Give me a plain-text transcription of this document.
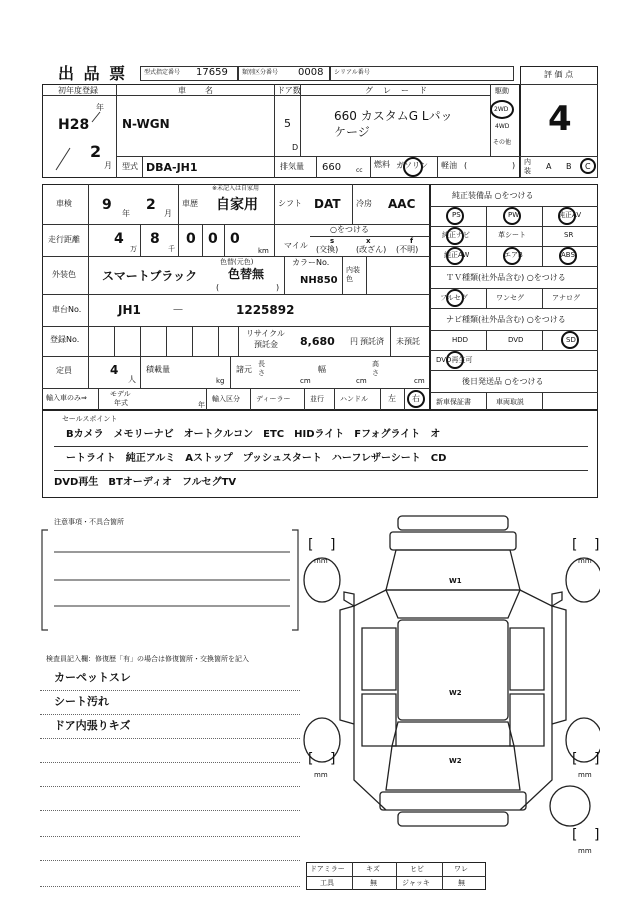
出 品 票	型式指定番号 17659 類別区分番号 0008 シリアル番号	評 価 点
4
初年度登録
H28
年
2
月
車　　名
N-WGN
ドア数
5
D
グ　レ　ー　ド
660 カスタムG Lパッ
ケージ
駆動
2WD
4WD
その他
型式 DBA-JH1	排気量 660 cc
燃料 ガソリン 軽油 (	) 内装 A B C
車検 9
年
2
月
※未記入は自家用
車歴 自家用	シフト DAT 冷房 AAC
走行距離 4
万
8
千
0 0 0
km
マイル
○をつける
s
(交換)
x
(改ざん)
f
(不明)
外装色 スマートブラック
色替(元色)
色替無
(	)
カラーNo.
NH850
内装色
車台No.	JH1	－	1225892
登録No.
リサイクル
預託金 8,680 円 預託済 未預託
定員	4
人
積載量
kg
諸元
長さ
cm
幅
cm
高さ
cm
輸入車のみ⇒	モデル
年式	年
輸入区分 ディーラー	並行 ハンドル	左 右
純正装備品 ○をつける
PS	PW	純正AV
純正ナビ	革シート	SR
純正AW	エアB	ABS
ＴＶ種類(社外品含む) ○をつける
フルセグ	ワンセグ	アナログ
ナビ種類(社外品含む) ○をつける
HDD	DVD	SD
DVD再生可
後日発送品 ○をつける
新車保証書	車両取説
セールスポイント
Bカメラ　メモリーナビ　オートクルコン　ETC　HIDライト　Fフォグライト　オ
ートライト　純正アルミ　Aストップ　プッシュスタート　ハーフレザーシート　CD
DVD再生　BTオーディオ　フルセグTV
注意事項・不具合箇所
検査員記入欄：修復歴「有」の場合は修復箇所・交換箇所を記入
カーペットスレ
シート汚れ
ドア内張りキズ
W1
W2
W2
[ ]
mm
[ ]
mm
[ ]
mm
[ ]
mm
[ ]
mm
ドアミラー	キズ	ヒビ	ワレ
工具	無	ジャッキ	無
